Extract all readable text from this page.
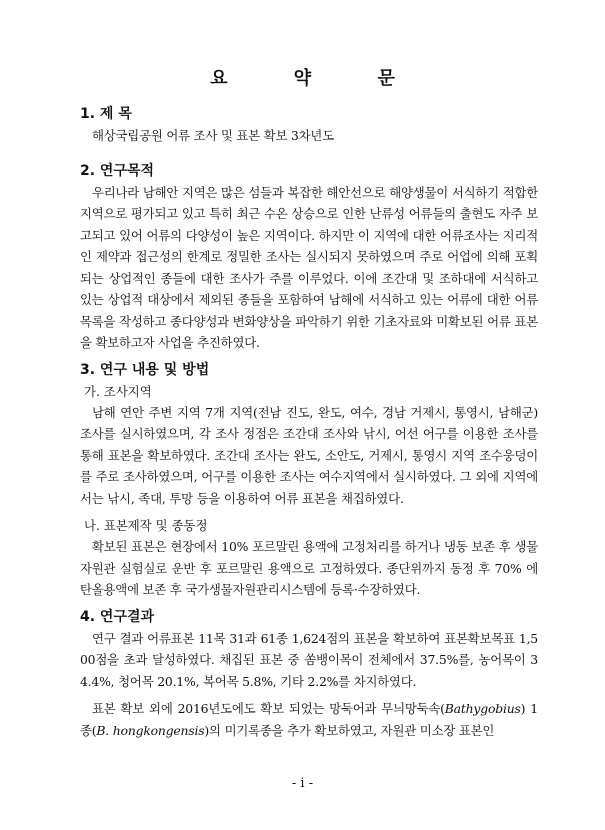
요 약 문
1. 제 목
해상국립공원 어류 조사 및 표본 확보 3차년도
2. 연구목적
우리나라 남해안 지역은 많은 섬들과 복잡한 해안선으로 해양생물이 서식하기 적합한 지역으로 평가되고 있고 특히 최근 수온 상승으로 인한 난류성 어류들의 출현도 자주 보고되고 있어 어류의 다양성이 높은 지역이다. 하지만 이 지역에 대한 어류조사는 지리적인 제약과 접근성의 한계로 정밀한 조사는 실시되지 못하였으며 주로 어업에 의해 포획되는 상업적인 종들에 대한 조사가 주를 이루었다. 이에 조간대 및 조하대에 서식하고 있는 상업적 대상에서 제외된 종들을 포함하여 남해에 서식하고 있는 어류에 대한 어류목록을 작성하고 종다양성과 변화양상을 파악하기 위한 기초자료와 미확보된 어류 표본을 확보하고자 사업을 추진하였다.
3. 연구 내용 및 방법
가. 조사지역
남해 연안 주변 지역 7개 지역(전남 진도, 완도, 여수, 경남 거제시, 통영시, 남해군) 조사를 실시하였으며, 각 조사 정점은 조간대 조사와 낚시, 어선 어구를 이용한 조사를 통해 표본을 확보하였다. 조간대 조사는 완도, 소안도, 거제시, 통영시 지역 조수웅덩이를 주로 조사하였으며, 어구를 이용한 조사는 여수지역에서 실시하였다. 그 외에 지역에서는 낚시, 족대, 투망 등을 이용하여 어류 표본을 채집하였다.
나. 표본제작 및 종동정
확보된 표본은 현장에서 10% 포르말린 용액에 고정처리를 하거나 냉동 보존 후 생물자원관 실험실로 운반 후 포르말린 용액으로 고정하였다. 종단위까지 동정 후 70% 에탄올용액에 보존 후 국가생물자원관리시스템에 등록·수장하였다.
4. 연구결과
연구 결과 어류표본 11목 31과 61종 1,624점의 표본을 확보하여 표본확보목표 1,500점을 초과 달성하였다. 채집된 표본 중 쏨뱅이목이 전체에서 37.5%를, 농어목이 34.4%, 청어목 20.1%, 복어목 5.8%, 기타 2.2%를 차지하였다.
표본 확보 외에 2016년도에도 확보 되었는 망둑어과 무늬망둑속(Bathygobius) 1종(B. hongkongensis)의 미기록종을 추가 확보하였고, 자원관 미소장 표본인
- i -
